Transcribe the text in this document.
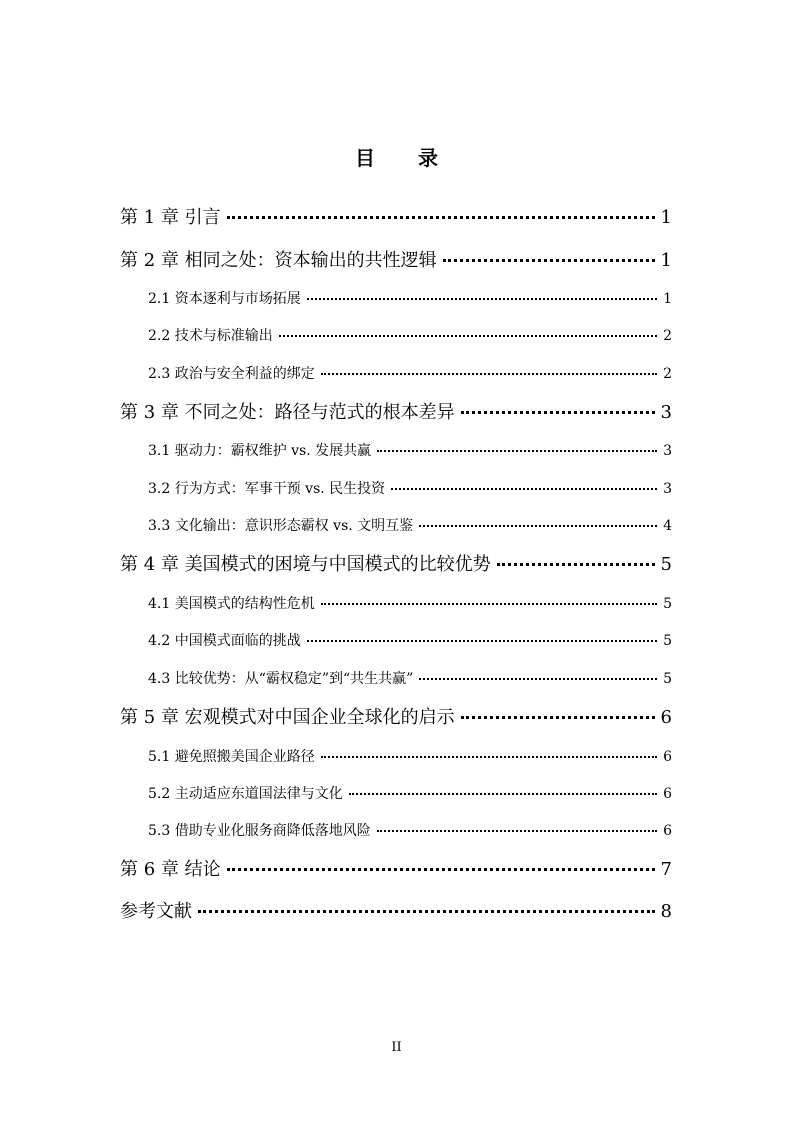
目 录
第 1 章 引言	1
第 2 章 相同之处：资本输出的共性逻辑	1
2.1 资本逐利与市场拓展	1
2.2 技术与标准输出	2
2.3 政治与安全利益的绑定	2
第 3 章 不同之处：路径与范式的根本差异	3
3.1 驱动力：霸权维护 vs. 发展共赢	3
3.2 行为方式：军事干预 vs. 民生投资	3
3.3 文化输出：意识形态霸权 vs. 文明互鉴	4
第 4 章 美国模式的困境与中国模式的比较优势	5
4.1 美国模式的结构性危机	5
4.2 中国模式面临的挑战	5
4.3 比较优势：从“霸权稳定”到“共生共赢”	5
第 5 章 宏观模式对中国企业全球化的启示	6
5.1 避免照搬美国企业路径	6
5.2 主动适应东道国法律与文化	6
5.3 借助专业化服务商降低落地风险	6
第 6 章 结论	7
参考文献	8
II
